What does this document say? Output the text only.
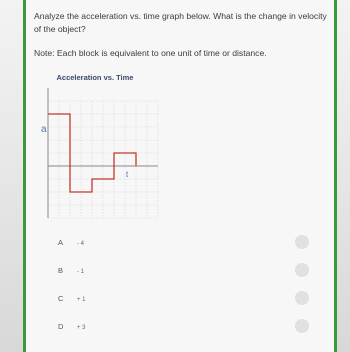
Analyze the acceleration vs. time graph below. What is the change in velocity of the object?
Note: Each block is equivalent to one unit of time or distance.
Acceleration vs. Time
a
t
A - 4
B - 1
C + 1
D + 3
